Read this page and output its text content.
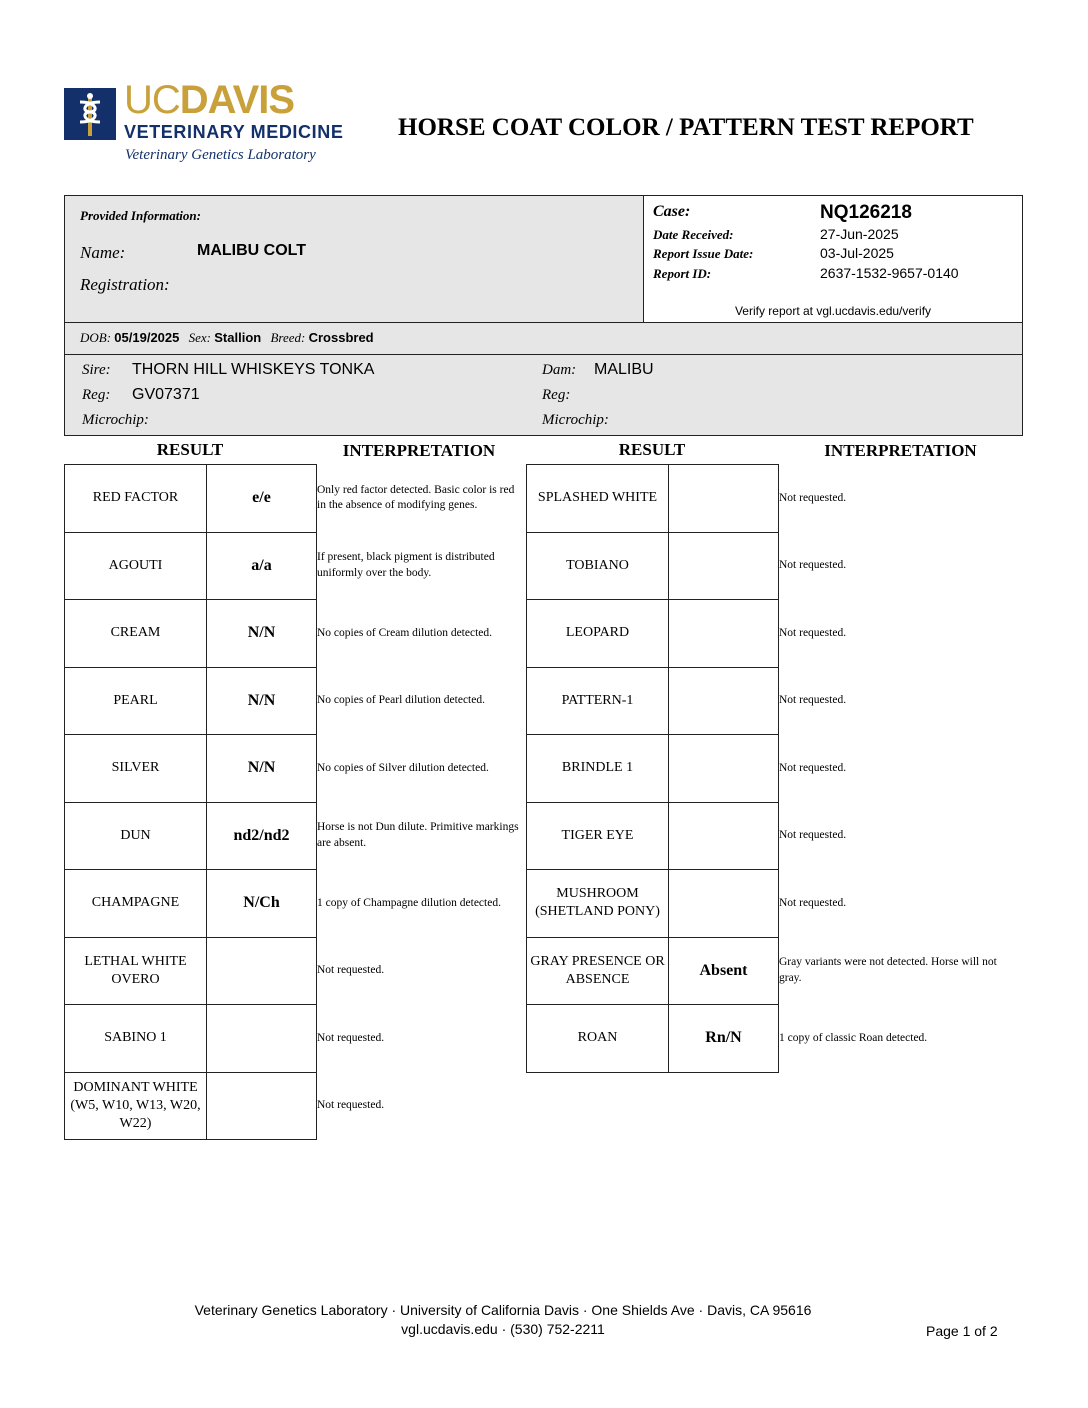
UCDAVIS
VETERINARY MEDICINE
Veterinary Genetics Laboratory
HORSE COAT COLOR / PATTERN TEST REPORT
Provided Information:
Name:	MALIBU COLT
Registration:
Case:	NQ126218
Date Received:	27-Jun-2025
Report Issue Date:	03-Jul-2025
Report ID:	2637-1532-9657-0140
Verify report at vgl.ucdavis.edu/verify
DOB: 05/19/2025 Sex: Stallion Breed: Crossbred
Sire: THORN HILL WHISKEYS TONKA
Reg: GV07371
Microchip:
Dam: MALIBU
Reg:
Microchip:
RESULT	INTERPRETATION	RESULT	INTERPRETATION
RED FACTOR	e/e	Only red factor detected. Basic color is red in the absence of modifying genes.
AGOUTI	a/a	If present, black pigment is distributed uniformly over the body.
CREAM	N/N	No copies of Cream dilution detected.
PEARL	N/N	No copies of Pearl dilution detected.
SILVER	N/N	No copies of Silver dilution detected.
DUN	nd2/nd2	Horse is not Dun dilute. Primitive markings are absent.
CHAMPAGNE	N/Ch	1 copy of Champagne dilution detected.
LETHAL WHITE OVERO		Not requested.
SABINO 1		Not requested.
DOMINANT WHITE (W5, W10, W13, W20, W22)		Not requested.
SPLASHED WHITE		Not requested.
TOBIANO		Not requested.
LEOPARD		Not requested.
PATTERN-1		Not requested.
BRINDLE 1		Not requested.
TIGER EYE		Not requested.
MUSHROOM (SHETLAND PONY)		Not requested.
GRAY PRESENCE OR ABSENCE	Absent	Gray variants were not detected. Horse will not gray.
ROAN	Rn/N	1 copy of classic Roan detected.
Veterinary Genetics Laboratory · University of California Davis · One Shields Ave · Davis, CA 95616
vgl.ucdavis.edu · (530) 752-2211	Page 1 of 2
